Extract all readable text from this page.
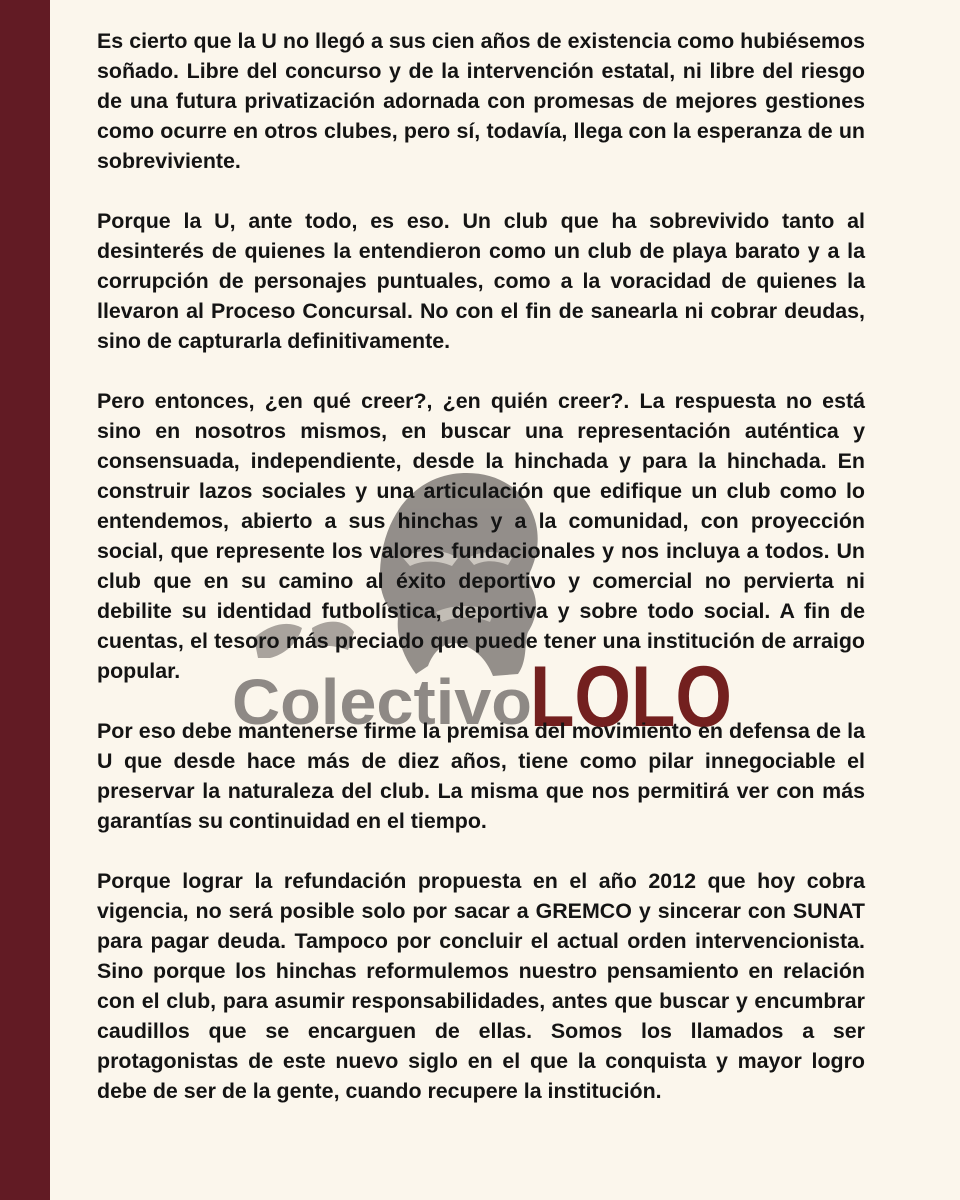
Colectivo
LOLO

Es cierto que la U no llegó a sus cien años de existencia como hubiésemos soñado. Libre del concurso y de la intervención estatal, ni libre del riesgo de una futura privatización adornada con promesas de mejores gestiones como ocurre en otros clubes, pero sí, todavía, llega con la esperanza de un sobreviviente.

Porque la U, ante todo, es eso. Un club que ha sobrevivido tanto al desinterés de quienes la entendieron como un club de playa barato y a la corrupción de personajes puntuales, como a la voracidad de quienes la llevaron al Proceso Concursal. No con el fin de sanearla ni cobrar deudas, sino de capturarla definitivamente.

Pero entonces, ¿en qué creer?, ¿en quién creer?. La respuesta no está sino en nosotros mismos, en buscar una representación auténtica y consensuada, independiente, desde la hinchada y para la hinchada. En construir lazos sociales y una articulación que edifique un club como lo entendemos, abierto a sus hinchas y a la comunidad, con proyección social, que represente los valores fundacionales y nos incluya a todos. Un club que en su camino al éxito deportivo y comercial no pervierta ni debilite su identidad futbolística, deportiva y sobre todo social. A fin de cuentas, el tesoro más preciado que puede tener una institución de arraigo popular.

Por eso debe mantenerse firme la premisa del movimiento en defensa de la U que desde hace más de diez años, tiene como pilar innegociable el preservar la naturaleza del club. La misma que nos permitirá ver con más garantías su continuidad en el tiempo.

Porque lograr la refundación propuesta en el año 2012 que hoy cobra vigencia, no será posible solo por sacar a GREMCO y sincerar con SUNAT para pagar deuda. Tampoco por concluir el actual orden intervencionista. Sino porque los hinchas reformulemos nuestro pensamiento en relación con el club, para asumir responsabilidades, antes que buscar y encumbrar caudillos que se encarguen de ellas. Somos los llamados a ser protagonistas de este nuevo siglo en el que la conquista y mayor logro debe de ser de la gente, cuando recupere la institución.
